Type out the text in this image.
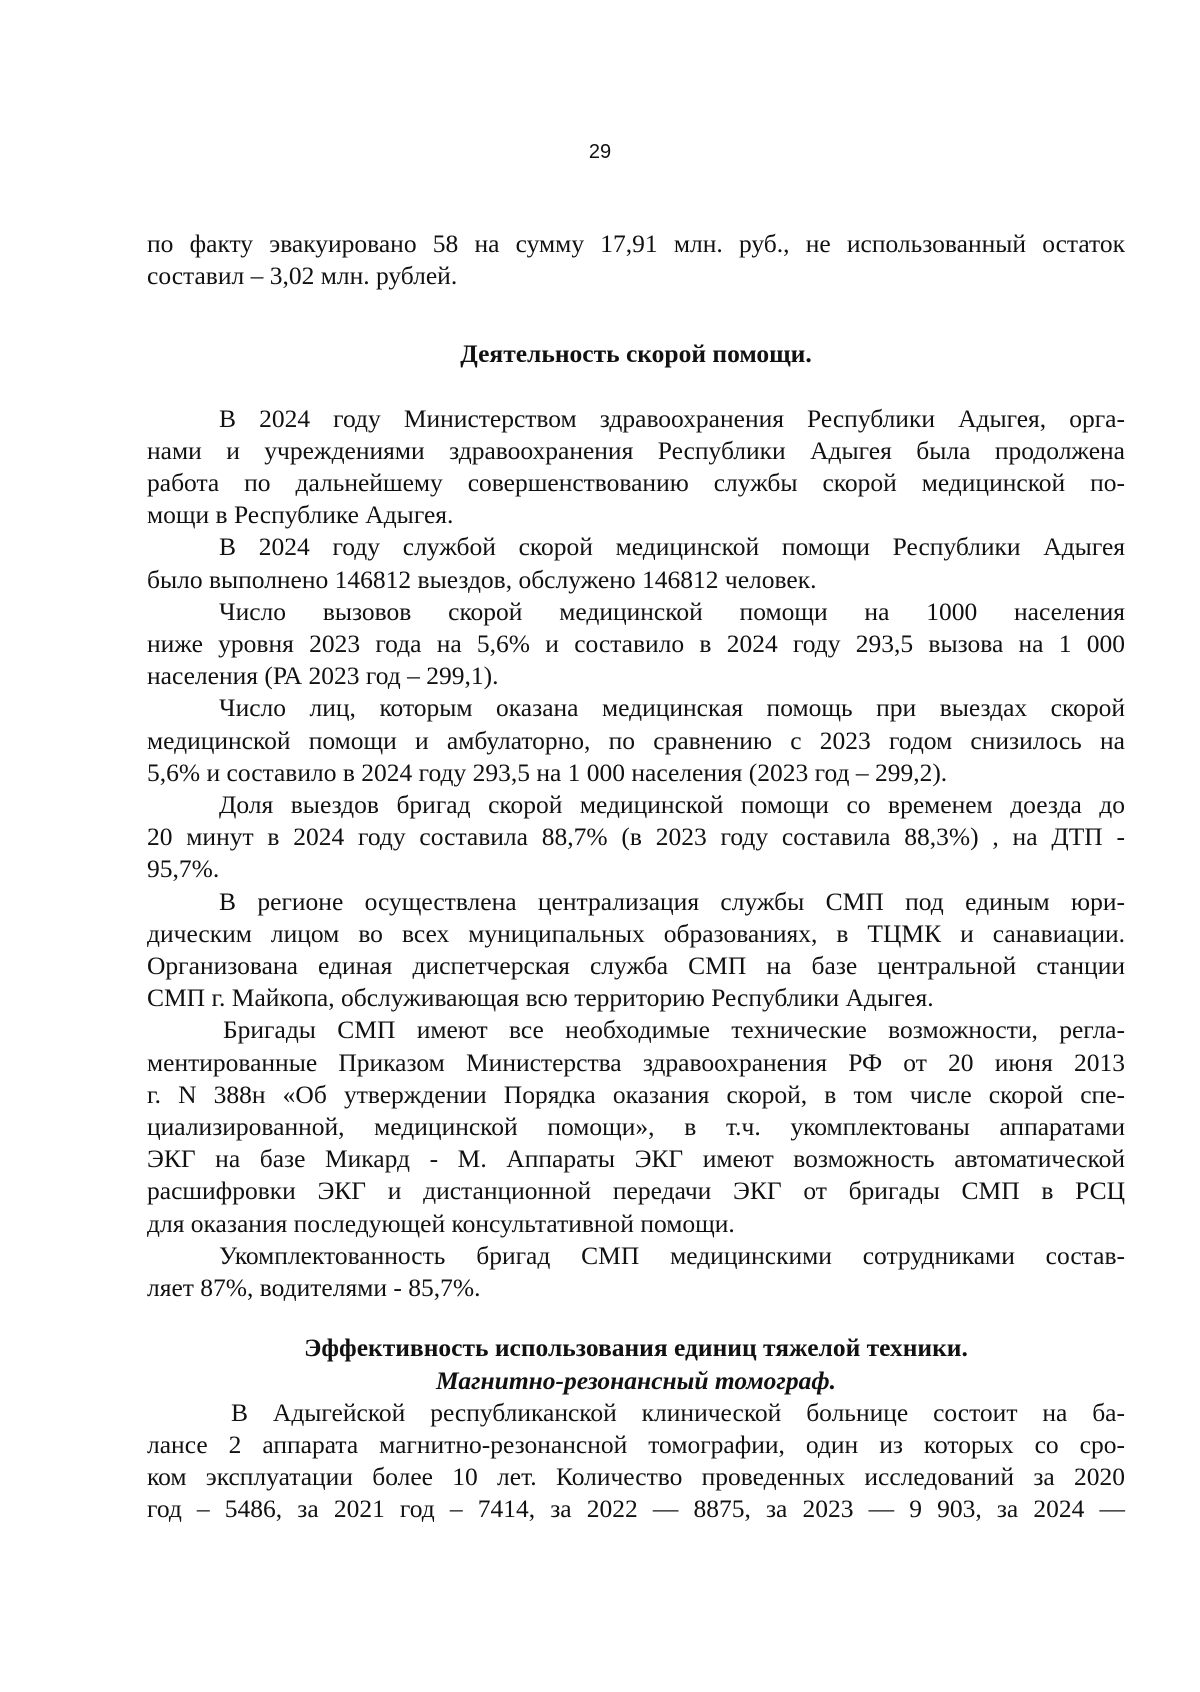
29
по факту эвакуировано 58 на сумму 17,91 млн. руб., не использованный остаток
составил – 3,02 млн. рублей.
Деятельность скорой помощи.
В 2024 году Министерством здравоохранения Республики Адыгея, орга-
нами и учреждениями здравоохранения Республики Адыгея была продолжена
работа по дальнейшему совершенствованию службы скорой медицинской по-
мощи в Республике Адыгея.
В 2024 году службой скорой медицинской помощи Республики Адыгея
было выполнено 146812 выездов, обслужено 146812 человек.
Число вызовов скорой медицинской помощи на 1000 населения
ниже уровня 2023 года на 5,6% и составило в 2024 году 293,5 вызова на 1 000
населения (РА 2023 год – 299,1).
Число лиц, которым оказана медицинская помощь при выездах скорой
медицинской помощи и амбулаторно, по сравнению с 2023 годом снизилось на
5,6% и составило в 2024 году 293,5 на 1 000 населения (2023 год – 299,2).
Доля выездов бригад скорой медицинской помощи со временем доезда до
20 минут в 2024 году составила 88,7% (в 2023 году составила 88,3%) , на ДТП -
95,7%.
В регионе осуществлена централизация службы СМП под единым юри-
дическим лицом во всех муниципальных образованиях, в ТЦМК и санавиации.
Организована единая диспетчерская служба СМП на базе центральной станции
СМП г. Майкопа, обслуживающая всю территорию Республики Адыгея.
Бригады СМП имеют все необходимые технические возможности, регла-
ментированные Приказом Министерства здравоохранения РФ от 20 июня 2013
г. N 388н «Об утверждении Порядка оказания скорой, в том числе скорой спе-
циализированной, медицинской помощи», в т.ч. укомплектованы аппаратами
ЭКГ на базе Микард - М. Аппараты ЭКГ имеют возможность автоматической
расшифровки ЭКГ и дистанционной передачи ЭКГ от бригады СМП в РСЦ
для оказания последующей консультативной помощи.
Укомплектованность бригад СМП медицинскими сотрудниками состав-
ляет 87%, водителями - 85,7%.
Эффективность использования единиц тяжелой техники.
Магнитно-резонансный томограф.
В Адыгейской республиканской клинической больнице состоит на ба-
лансе 2 аппарата магнитно-резонансной томографии, один из которых со сро-
ком эксплуатации более 10 лет. Количество проведенных исследований за 2020
год – 5486, за 2021 год – 7414, за 2022 — 8875, за 2023 — 9 903, за 2024 —
